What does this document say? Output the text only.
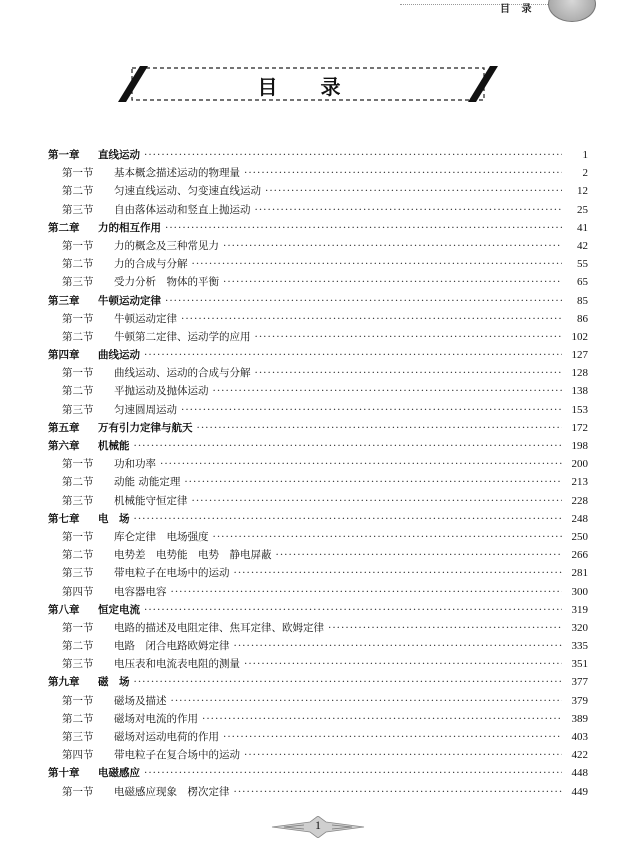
目 录
目 录
第一章	直线运动 ·····	1
第一节	基本概念描述运动的物理量 ·····	2
第二节	匀速直线运动、匀变速直线运动 ·····	12
第三节	自由落体运动和竖直上抛运动 ·····	25
第二章	力的相互作用 ·····	41
第一节	力的概念及三种常见力 ·····	42
第二节	力的合成与分解 ·····	55
第三节	受力分析　物体的平衡 ·····	65
第三章	牛顿运动定律 ·····	85
第一节	牛顿运动定律 ·····	86
第二节	牛顿第二定律、运动学的应用 ·····	102
第四章	曲线运动 ·····	127
第一节	曲线运动、运动的合成与分解 ·····	128
第二节	平抛运动及抛体运动 ·····	138
第三节	匀速圆周运动 ·····	153
第五章	万有引力定律与航天 ·····	172
第六章	机械能 ·····	198
第一节	功和功率 ·····	200
第二节	动能 动能定理 ·····	213
第三节	机械能守恒定律 ·····	228
第七章	电　场 ·····	248
第一节	库仑定律　电场强度 ·····	250
第二节	电势差　电势能　电势　静电屏蔽 ·····	266
第三节	带电粒子在电场中的运动 ·····	281
第四节	电容器电容 ·····	300
第八章	恒定电流 ·····	319
第一节	电路的描述及电阻定律、焦耳定律、欧姆定律 ·····	320
第二节	电路　闭合电路欧姆定律 ·····	335
第三节	电压表和电流表电阻的测量 ·····	351
第九章	磁　场 ·····	377
第一节	磁场及描述 ·····	379
第二节	磁场对电流的作用 ·····	389
第三节	磁场对运动电荷的作用 ·····	403
第四节	带电粒子在复合场中的运动 ·····	422
第十章	电磁感应 ·····	448
第一节	电磁感应现象　楞次定律 ·····	449
1
